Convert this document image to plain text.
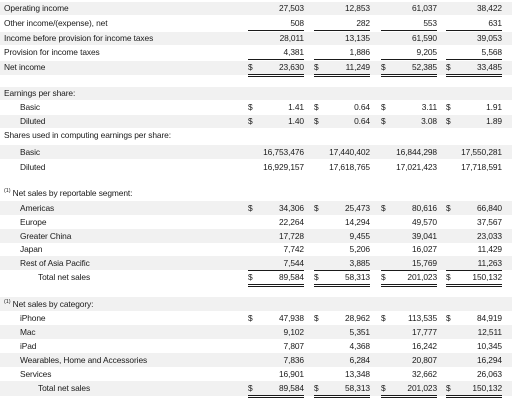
Operating income	27,503	12,853	61,037	38,422
Other income/(expense), net	508	282	553	631
Income before provision for income taxes	28,011	13,135	61,590	39,053
Provision for income taxes	4,381	1,886	9,205	5,568
Net income	$	23,630 $	11,249 $	52,385 $	33,485
Earnings per share:
Basic	$	1.41 $	0.64 $	3.11 $	1.91
Diluted	$	1.40 $	0.64 $	3.08 $	1.89
Shares used in computing earnings per share:
Basic	16,753,476	17,440,402	16,844,298	17,550,281
Diluted	16,929,157	17,618,765	17,021,423	17,718,591
$^{(1)}$ Net sales by reportable segment:
Americas	$	34,306 $	25,473 $	80,616 $	66,840
Europe	22,264	14,294	49,570	37,567
Greater China	17,728	9,455	39,041	23,033
Japan	7,742	5,206	16,027	11,429
Rest of Asia Pacific	7,544	3,885	15,769	11,263
Total net sales	$	89,584 $	58,313 $	201,023 $	150,132
$^{(1)}$ Net sales by category:
iPhone	$	47,938 $	28,962 $	113,535 $	84,919
Mac	9,102	5,351	17,777	12,511
iPad	7,807	4,368	16,242	10,345
Wearables, Home and Accessories	7,836	6,284	20,807	16,294
Services	16,901	13,348	32,662	26,063
Total net sales	$	89,584 $	58,313 $	201,023 $	150,132
